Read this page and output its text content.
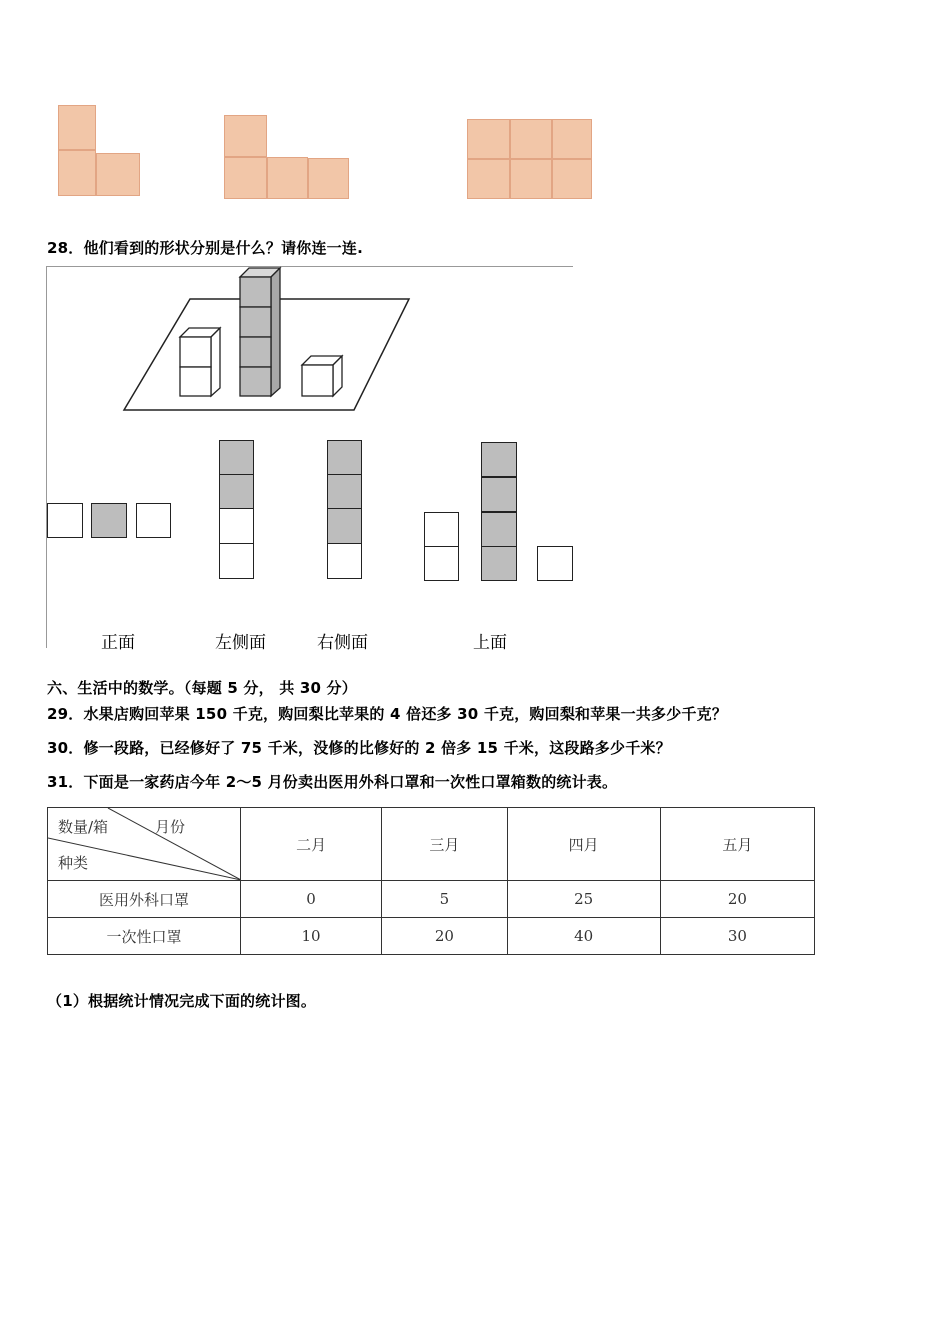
28．他们看到的形状分别是什么？请你连一连.
正面	左侧面	右侧面	上面
六、生活中的数学。（每题 5 分， 共 30 分）
29．水果店购回苹果 150 千克，购回梨比苹果的 4 倍还多 30 千克，购回梨和苹果一共多少千克？
30．修一段路，已经修好了 75 千米，没修的比修好的 2 倍多 15 千米，这段路多少千米？
31．下面是一家药店今年 2～5 月份卖出医用外科口罩和一次性口罩箱数的统计表。
数量/箱 月份
种类	二月	三月	四月	五月
医用外科口罩	0	5	25	20
一次性口罩	10	20	40	30
（1）根据统计情况完成下面的统计图。
